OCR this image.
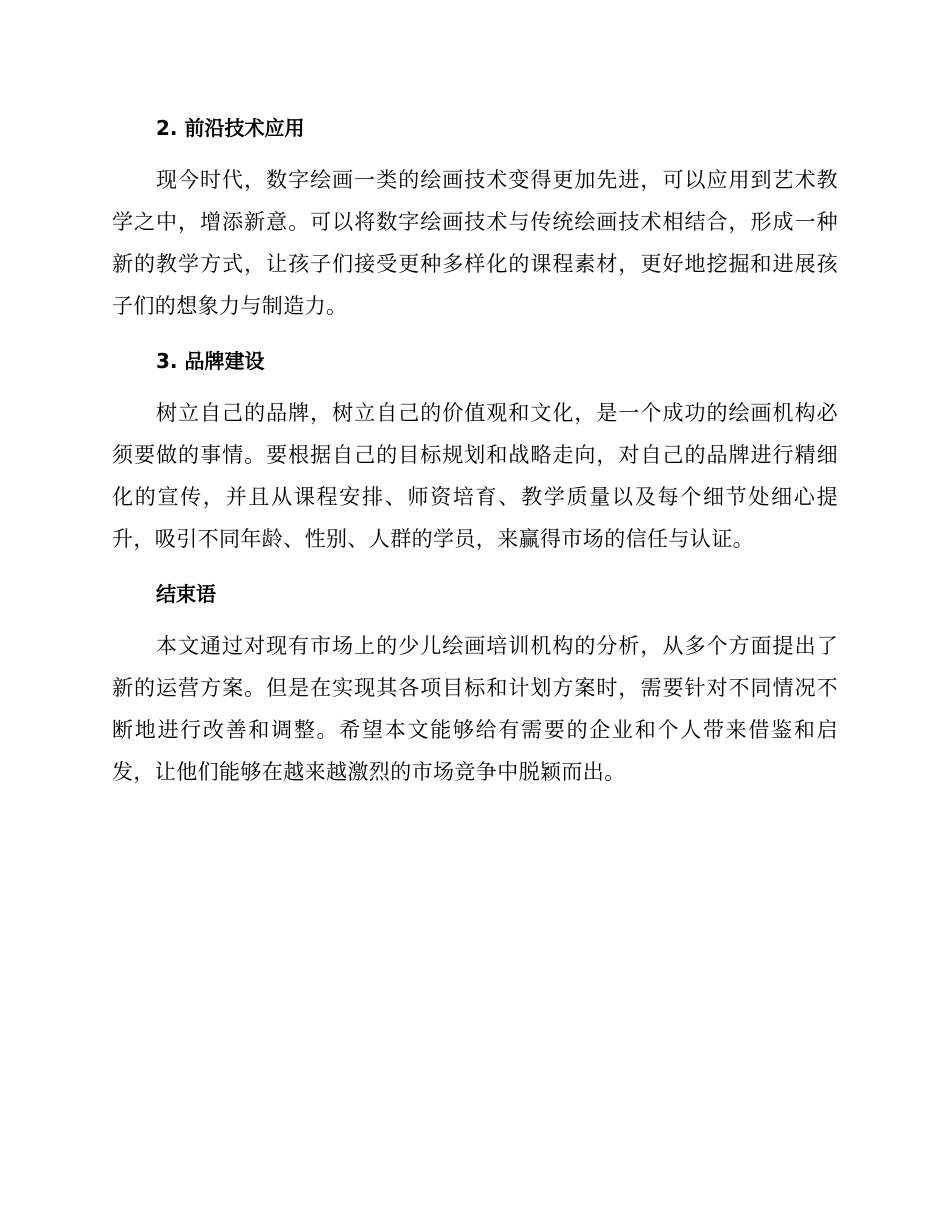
2. 前沿技术应用

现今时代，数字绘画一类的绘画技术变得更加先进，可以应用到艺术教学之中，增添新意。可以将数字绘画技术与传统绘画技术相结合，形成一种新的教学方式，让孩子们接受更种多样化的课程素材，更好地挖掘和进展孩子们的想象力与制造力。

3. 品牌建设

树立自己的品牌，树立自己的价值观和文化，是一个成功的绘画机构必须要做的事情。要根据自己的目标规划和战略走向，对自己的品牌进行精细化的宣传，并且从课程安排、师资培育、教学质量以及每个细节处细心提升，吸引不同年龄、性别、人群的学员，来赢得市场的信任与认证。

结束语

本文通过对现有市场上的少儿绘画培训机构的分析，从多个方面提出了新的运营方案。但是在实现其各项目标和计划方案时，需要针对不同情况不断地进行改善和调整。希望本文能够给有需要的企业和个人带来借鉴和启发，让他们能够在越来越激烈的市场竞争中脱颖而出。
